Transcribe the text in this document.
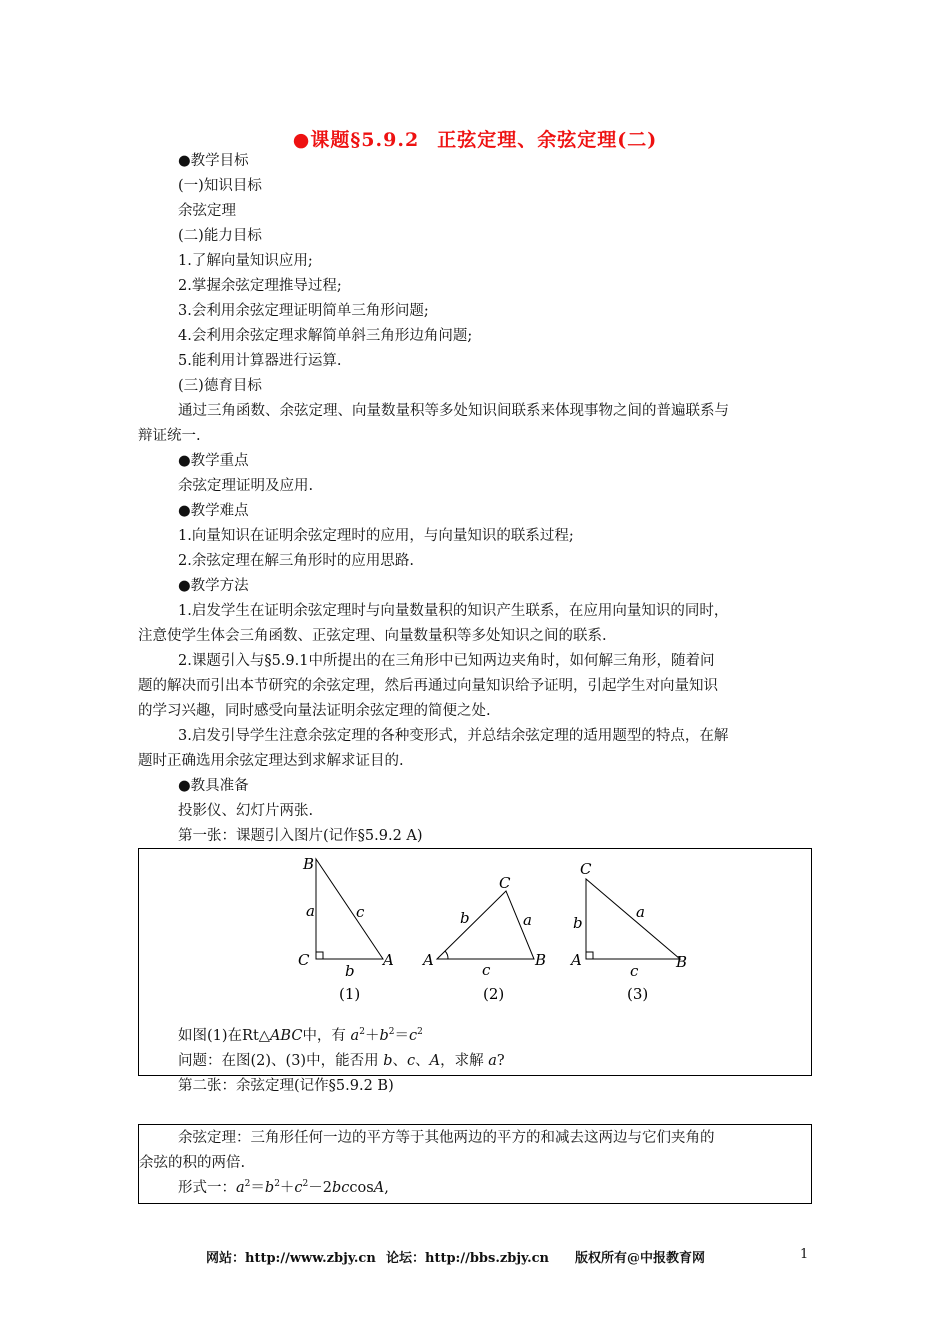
●课题§5.9.2 正弦定理、余弦定理(二)
●教学目标
(一)知识目标
余弦定理
(二)能力目标
1.了解向量知识应用;
2.掌握余弦定理推导过程;
3.会利用余弦定理证明简单三角形问题;
4.会利用余弦定理求解简单斜三角形边角问题;
5.能利用计算器进行运算.
(三)德育目标
通过三角函数、余弦定理、向量数量积等多处知识间联系来体现事物之间的普遍联系与
辩证统一.
●教学重点
余弦定理证明及应用.
●教学难点
1.向量知识在证明余弦定理时的应用，与向量知识的联系过程;
2.余弦定理在解三角形时的应用思路.
●教学方法
1.启发学生在证明余弦定理时与向量数量积的知识产生联系，在应用向量知识的同时，
注意使学生体会三角函数、正弦定理、向量数量积等多处知识之间的联系.
2.课题引入与§5.9.1中所提出的在三角形中已知两边夹角时，如何解三角形，随着问
题的解决而引出本节研究的余弦定理，然后再通过向量知识给予证明，引起学生对向量知识
的学习兴趣，同时感受向量法证明余弦定理的简便之处.
3.启发引导学生注意余弦定理的各种变形式，并总结余弦定理的适用题型的特点，在解
题时正确选用余弦定理达到求解求证目的.
●教具准备
投影仪、幻灯片两张.
第一张：课题引入图片(记作§5.9.2 A)
B
C	A
a	c
b
A	B
C
b	a
c
C
A	B
b
a
c
(1)	(2)	(3)
如图(1)在Rt△ABC中，有 $a^2+b^2=c^2$
问题：在图(2)、(3)中，能否用 b、c、A，求解 a?
第二张：余弦定理(记作§5.9.2 B)
余弦定理：三角形任何一边的平方等于其他两边的平方的和减去这两边与它们夹角的
余弦的积的两倍.
形式一：$a^2=b^2+c^2-2bccosA$,
网站：http://www.zbjy.cn 论坛：http://bbs.zbjy.cn 版权所有@中报教育网	1
